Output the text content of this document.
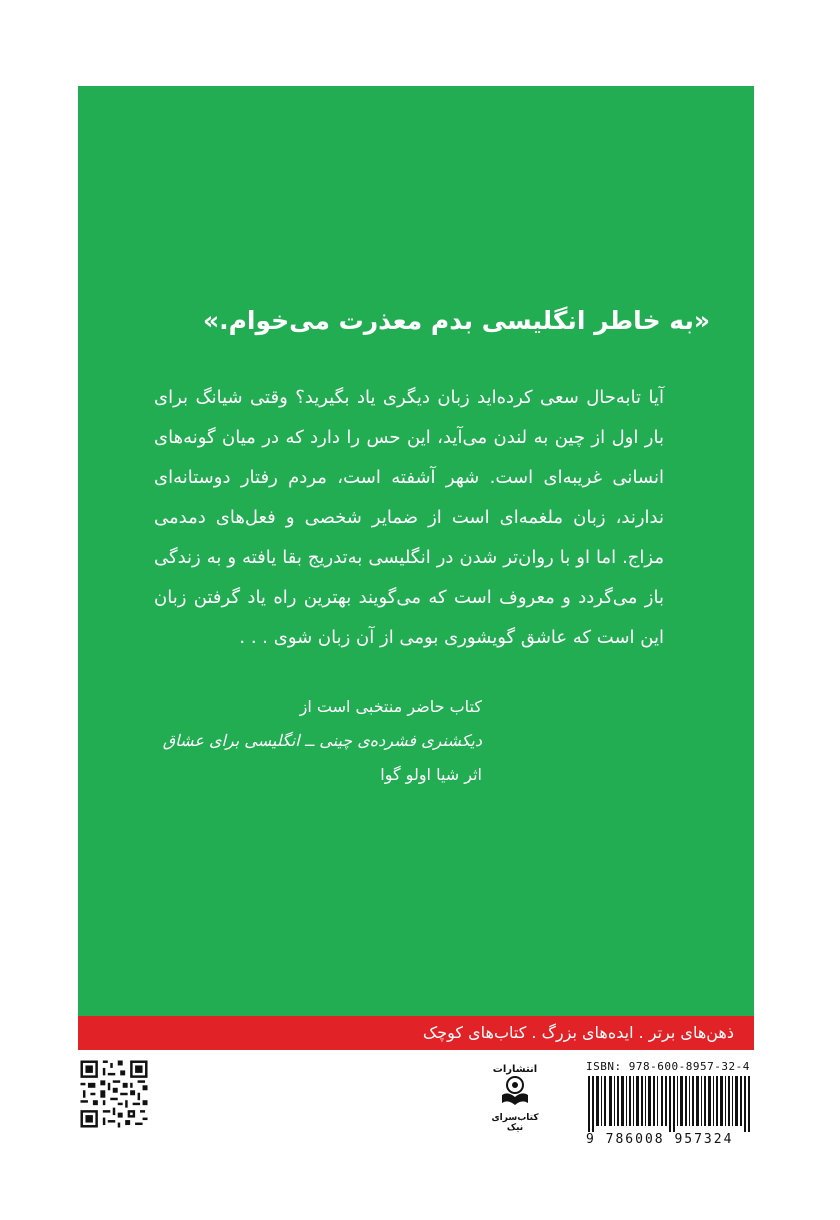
«به خاطر انگلیسی بدم معذرت می‌خوام.»

آیا تابه‌حال سعی کرده‌اید زبان دیگری یاد بگیرید؟ وقتی شیانگ برای بار اول از چین به لندن می‌آید، این حس را دارد که در میان گونه‌های انسانی غریبه‌ای است. شهر آشفته است، مردم رفتار دوستانه‌ای ندارند، زبان ملغمه‌ای است از ضمایر شخصی و فعل‌های دمدمی مزاج. اما او با روان‌تر شدن در انگلیسی به‌تدریج بقا یافته و به زندگی باز می‌گردد و معروف است که می‌گویند بهترین راه یاد گرفتن زبان این است که عاشق گویشوری بومی از آن زبان شوی . . .

کتاب حاضر منتخبی است از
دیکشنری فشرده‌ی چینی ــ انگلیسی برای عشاق
اثر شیا اولو گوا
ذهن‌های برتر . ایده‌های بزرگ . کتاب‌های کوچک
انتشارات
کتاب‌سرای نیک
ISBN: 978-600-8957-32-4
9 786008 957324
